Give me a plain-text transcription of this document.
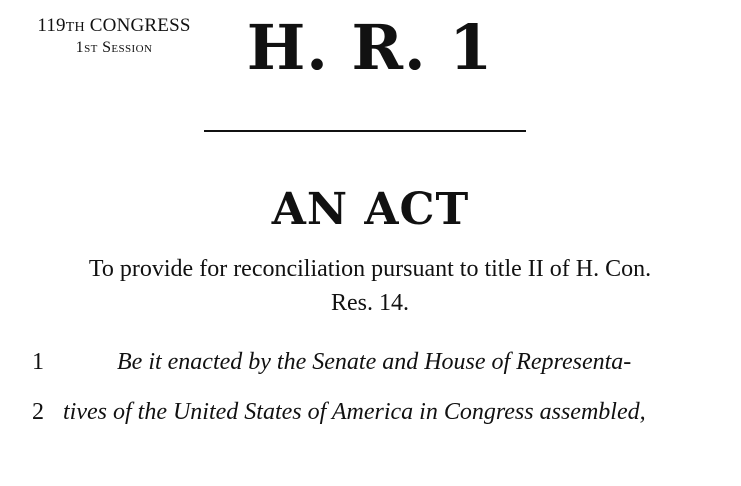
119TH CONGRESS
1st Session	H. R. 1
AN ACT
To provide for reconciliation pursuant to title II of H. Con.
Res. 14.
1	Be it enacted by the Senate and House of Representa-
2 tives of the United States of America in Congress assembled,
